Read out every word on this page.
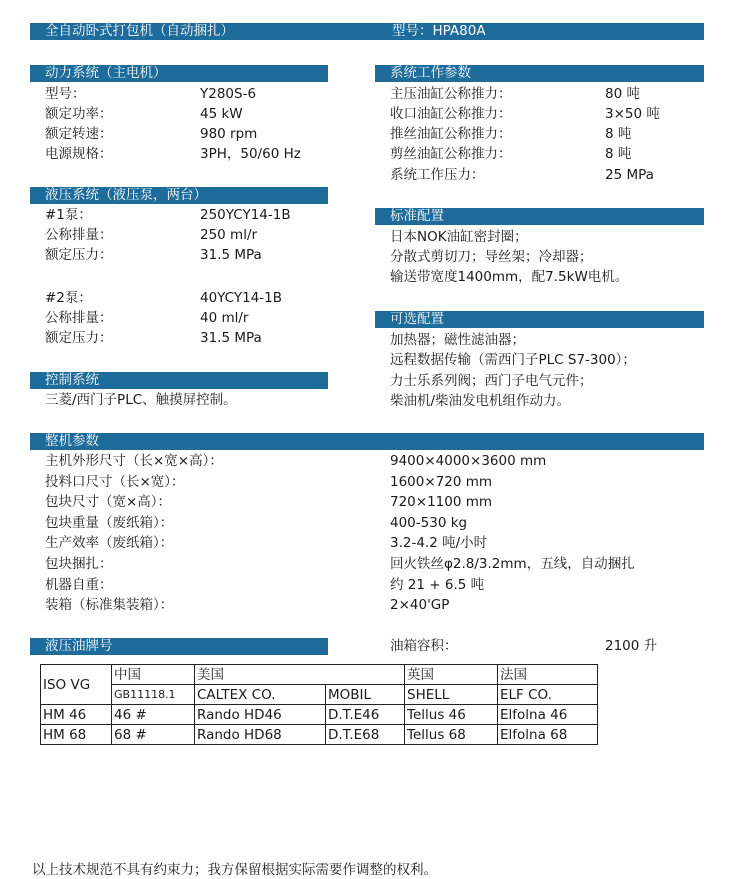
全自动卧式打包机（自动捆扎）	型号：HPA80A
动力系统（主电机）
型号：	Y280S-6
额定功率：	45 kW
额定转速：	980 rpm
电源规格：	3PH，50/60 Hz
液压系统（液压泵，两台）
#1泵：	250YCY14-1B
公称排量：	250 ml/r
额定压力：	31.5 MPa
#2泵：	40YCY14-1B
公称排量：	40 ml/r
额定压力：	31.5 MPa
控制系统
三菱/西门子PLC、触摸屏控制。
系统工作参数
主压油缸公称推力：	80 吨
收口油缸公称推力：	3×50 吨
推丝油缸公称推力：	8 吨
剪丝油缸公称推力：	8 吨
系统工作压力：	25 MPa
标准配置
日本NOK油缸密封圈；
分散式剪切刀；导丝架；冷却器；
输送带宽度1400mm，配7.5kW电机。
可选配置
加热器；磁性滤油器；
远程数据传输（需西门子PLC S7-300）；
力士乐系列阀；西门子电气元件；
柴油机/柴油发电机组作动力。
整机参数
主机外形尺寸（长×宽×高）：	9400×4000×3600 mm
投料口尺寸（长×宽）：	1600×720 mm
包块尺寸（宽×高）：	720×1100 mm
包块重量（废纸箱）：	400-530 kg
生产效率（废纸箱）：	3.2-4.2 吨/小时
包块捆扎：	回火铁丝φ2.8/3.2mm，五线，自动捆扎
机器自重：	约 21 + 6.5 吨
装箱（标准集装箱）：	2×40'GP
液压油牌号	油箱容积：	2100 升
ISO VG	中国	美国		英国	法国
	GB11118.1	CALTEX CO.	MOBIL	SHELL	ELF CO.
HM 46	46 #	Rando HD46	D.T.E46	Tellus 46	Elfolna 46
HM 68	68 #	Rando HD68	D.T.E68	Tellus 68	Elfolna 68
以上技术规范不具有约束力；我方保留根据实际需要作调整的权利。
